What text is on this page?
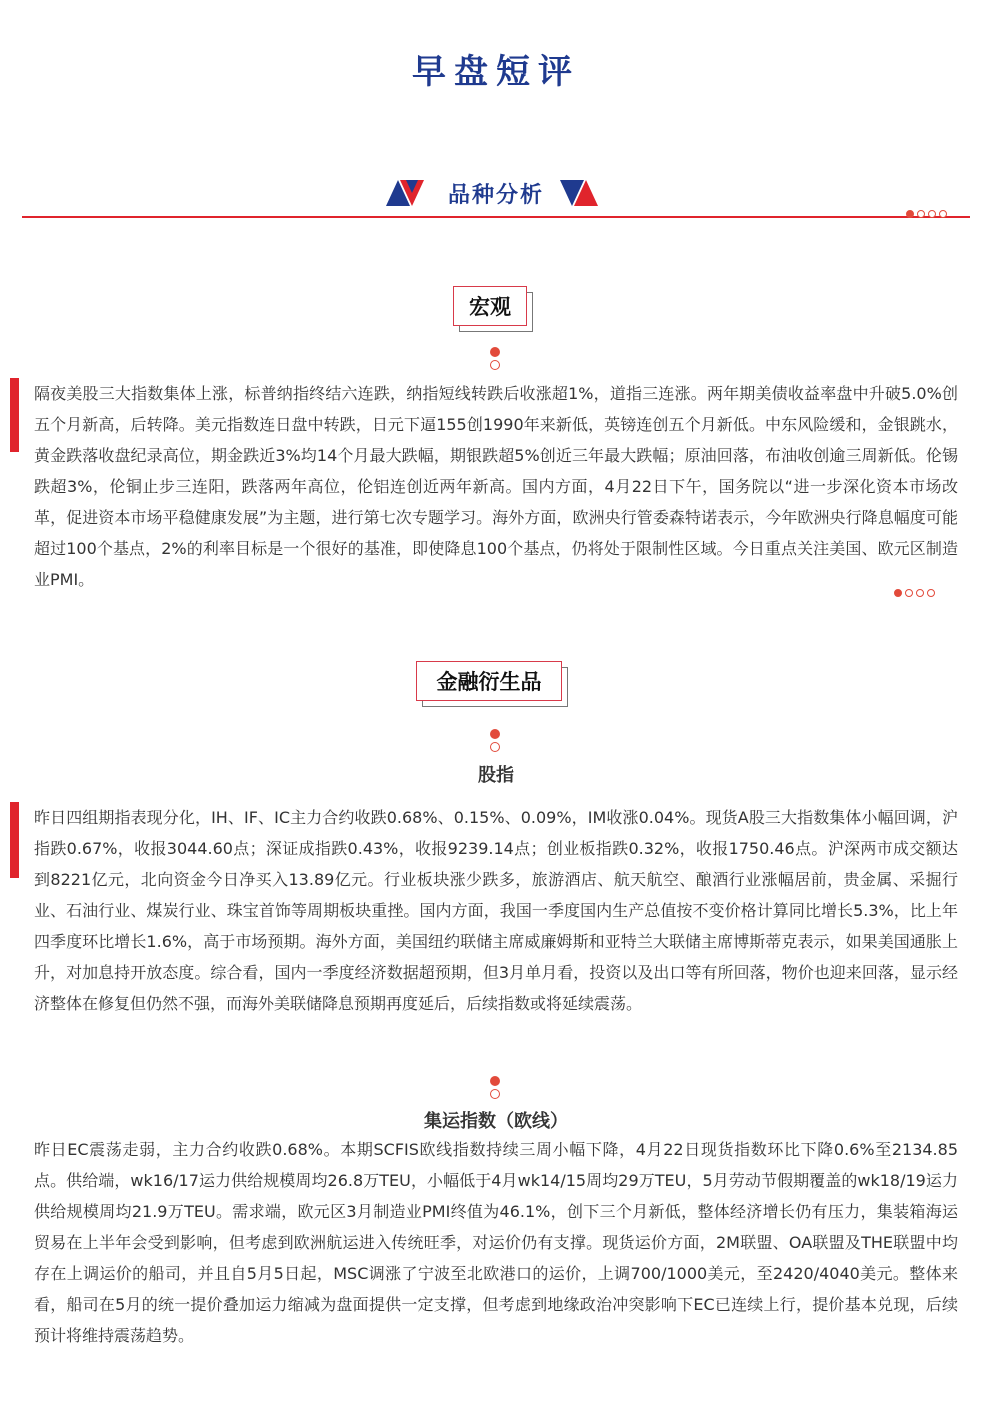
早盘短评
品种分析
宏观
隔夜美股三大指数集体上涨，标普纳指终结六连跌，纳指短线转跌后收涨超1%，道指三连涨。两年期美债收益率盘中升破5.0%创五个月新高，后转降。美元指数连日盘中转跌，日元下逼155创1990年来新低，英镑连创五个月新低。中东风险缓和，金银跳水，黄金跌落收盘纪录高位，期金跌近3%均14个月最大跌幅，期银跌超5%创近三年最大跌幅；原油回落，布油收创逾三周新低。伦锡跌超3%，伦铜止步三连阳，跌落两年高位，伦铝连创近两年新高。国内方面，4月22日下午，国务院以“进一步深化资本市场改革，促进资本市场平稳健康发展”为主题，进行第七次专题学习。海外方面，欧洲央行管委森特诺表示，今年欧洲央行降息幅度可能超过100个基点，2%的利率目标是一个很好的基准，即使降息100个基点，仍将处于限制性区域。今日重点关注美国、欧元区制造业PMI。
金融衍生品
股指
昨日四组期指表现分化，IH、IF、IC主力合约收跌0.68%、0.15%、0.09%，IM收涨0.04%。现货A股三大指数集体小幅回调，沪指跌0.67%，收报3044.60点；深证成指跌0.43%，收报9239.14点；创业板指跌0.32%，收报1750.46点。沪深两市成交额达到8221亿元，北向资金今日净买入13.89亿元。行业板块涨少跌多，旅游酒店、航天航空、酿酒行业涨幅居前，贵金属、采掘行业、石油行业、煤炭行业、珠宝首饰等周期板块重挫。国内方面，我国一季度国内生产总值按不变价格计算同比增长5.3%，比上年四季度环比增长1.6%，高于市场预期。海外方面，美国纽约联储主席威廉姆斯和亚特兰大联储主席博斯蒂克表示，如果美国通胀上升，对加息持开放态度。综合看，国内一季度经济数据超预期，但3月单月看，投资以及出口等有所回落，物价也迎来回落，显示经济整体在修复但仍然不强，而海外美联储降息预期再度延后，后续指数或将延续震荡。
集运指数（欧线）
昨日EC震荡走弱，主力合约收跌0.68%。本期SCFIS欧线指数持续三周小幅下降，4月22日现货指数环比下降0.6%至2134.85点。供给端，wk16/17运力供给规模周均26.8万TEU，小幅低于4月wk14/15周均29万TEU，5月劳动节假期覆盖的wk18/19运力供给规模周均21.9万TEU。需求端，欧元区3月制造业PMI终值为46.1%，创下三个月新低，整体经济增长仍有压力，集装箱海运贸易在上半年会受到影响，但考虑到欧洲航运进入传统旺季，对运价仍有支撑。现货运价方面，2M联盟、OA联盟及THE联盟中均存在上调运价的船司，并且自5月5日起，MSC调涨了宁波至北欧港口的运价，上调700/1000美元，至2420/4040美元。整体来看，船司在5月的统一提价叠加运力缩减为盘面提供一定支撑，但考虑到地缘政治冲突影响下EC已连续上行，提价基本兑现，后续预计将维持震荡趋势。
